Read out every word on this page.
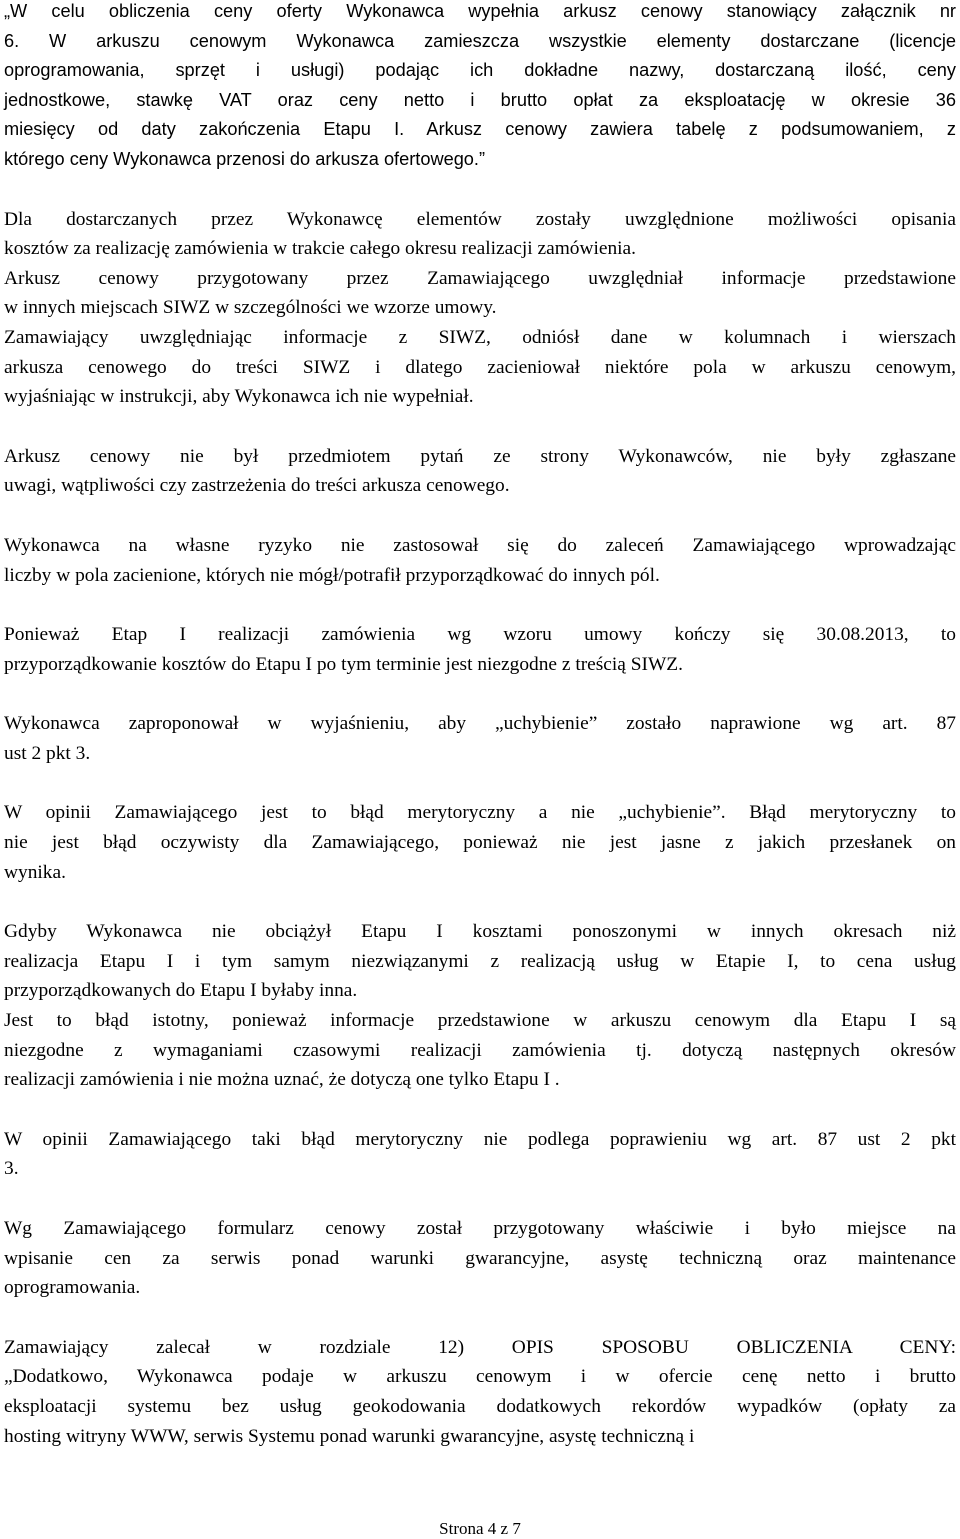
„W celu obliczenia ceny oferty Wykonawca wypełnia arkusz cenowy stanowiący załącznik nr
6. W arkuszu cenowym Wykonawca zamieszcza wszystkie elementy dostarczane (licencje
oprogramowania, sprzęt i usługi) podając ich dokładne nazwy, dostarczaną ilość, ceny
jednostkowe, stawkę VAT oraz ceny netto i brutto opłat za eksploatację w okresie 36
miesięcy od daty zakończenia Etapu I. Arkusz cenowy zawiera tabelę z podsumowaniem, z
którego ceny Wykonawca przenosi do arkusza ofertowego.”

Dla dostarczanych przez Wykonawcę elementów zostały uwzględnione możliwości opisania
kosztów za realizację zamówienia w trakcie całego okresu realizacji zamówienia.

Arkusz cenowy przygotowany przez Zamawiającego uwzględniał informacje przedstawione
w innych miejscach SIWZ w szczególności we wzorze umowy.

Zamawiający uwzględniając informacje z SIWZ, odniósł dane w kolumnach i wierszach
arkusza cenowego do treści SIWZ i dlatego zacieniował niektóre pola w arkuszu cenowym,
wyjaśniając w instrukcji, aby Wykonawca ich nie wypełniał.

Arkusz cenowy nie był przedmiotem pytań ze strony Wykonawców, nie były zgłaszane
uwagi, wątpliwości czy zastrzeżenia do treści arkusza cenowego.

Wykonawca na własne ryzyko nie zastosował się do zaleceń Zamawiającego wprowadzając
liczby w pola zacienione, których nie mógł/potrafił przyporządkować do innych pól.

Ponieważ Etap I realizacji zamówienia wg wzoru umowy kończy się 30.08.2013, to
przyporządkowanie kosztów do Etapu I po tym terminie jest niezgodne z treścią SIWZ.

Wykonawca zaproponował w wyjaśnieniu, aby „uchybienie” zostało naprawione wg art. 87
ust 2 pkt 3.

W opinii Zamawiającego jest to błąd merytoryczny a nie „uchybienie”. Błąd merytoryczny to
nie jest błąd oczywisty dla Zamawiającego, ponieważ nie jest jasne z jakich przesłanek on
wynika.

Gdyby Wykonawca nie obciążył Etapu I kosztami ponoszonymi w innych okresach niż
realizacja Etapu I i tym samym niezwiązanymi z realizacją usług w Etapie I, to cena usług
przyporządkowanych do Etapu I byłaby inna.

Jest to błąd istotny, ponieważ informacje przedstawione w arkuszu cenowym dla Etapu I są
niezgodne z wymaganiami czasowymi realizacji zamówienia tj. dotyczą następnych okresów
realizacji zamówienia i nie można uznać, że dotyczą one tylko Etapu I .

W opinii Zamawiającego taki błąd merytoryczny nie podlega poprawieniu wg art. 87 ust 2 pkt
3.

Wg Zamawiającego formularz cenowy został przygotowany właściwie i było miejsce na
wpisanie cen za serwis ponad warunki gwarancyjne, asystę techniczną oraz maintenance
oprogramowania.

Zamawiający zalecał w rozdziale 12) OPIS SPOSOBU OBLICZENIA CENY:
„Dodatkowo, Wykonawca podaje w arkuszu cenowym i w ofercie cenę netto i brutto
eksploatacji systemu bez usług geokodowania dodatkowych rekordów wypadków (opłaty za
hosting witryny WWW, serwis Systemu ponad warunki gwarancyjne, asystę techniczną i

Strona 4 z 7
